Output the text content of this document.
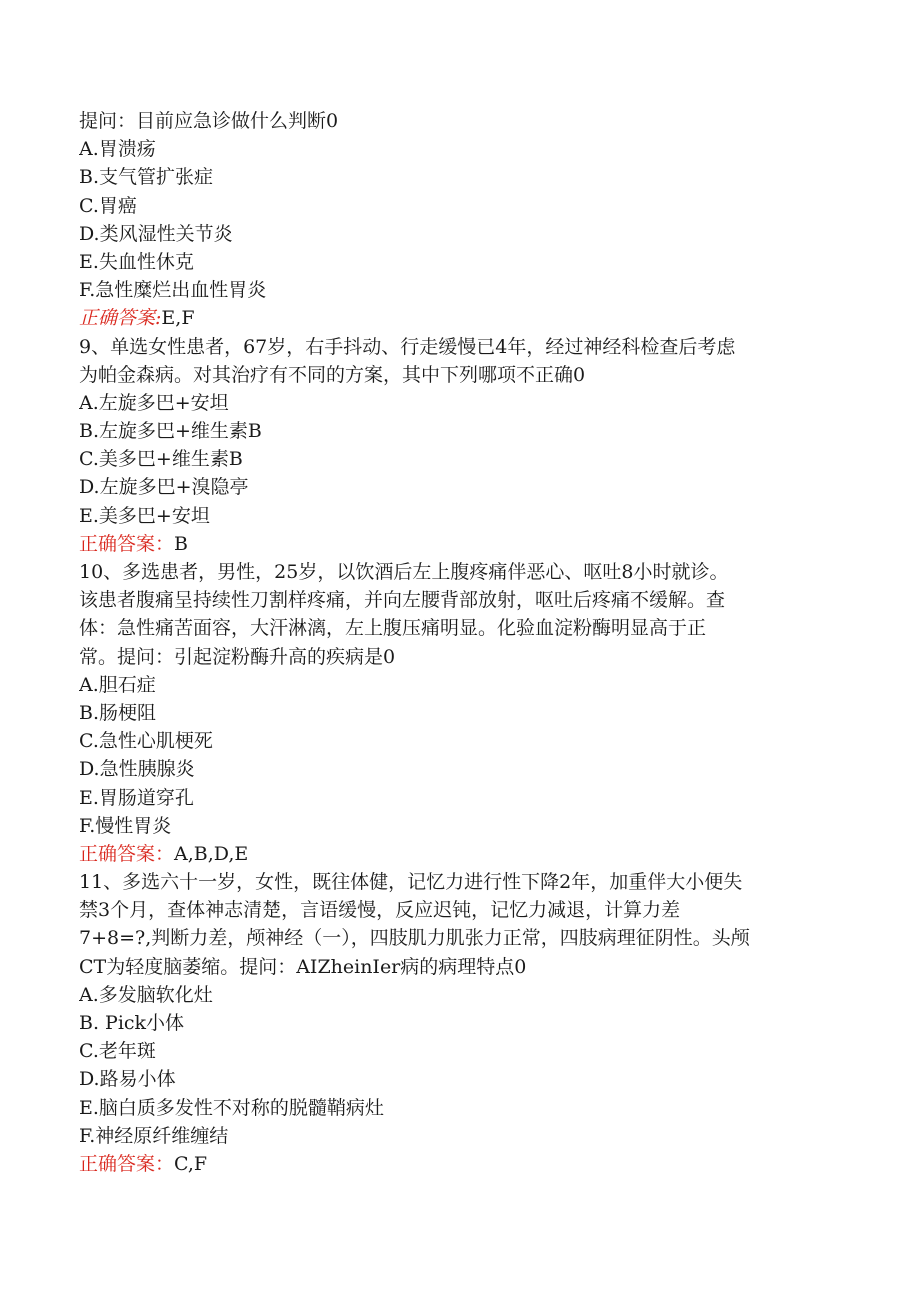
提问：目前应急诊做什么判断0
A.胃溃疡
B.支气管扩张症
C.胃癌
D.类风湿性关节炎
E.失血性休克
F.急性糜烂出血性胃炎
正确答案:E,F
9、单选女性患者，67岁，右手抖动、行走缓慢已4年，经过神经科检查后考虑
为帕金森病。对其治疗有不同的方案，其中下列哪项不正确0
A.左旋多巴+安坦
B.左旋多巴+维生素B
C.美多巴+维生素B
D.左旋多巴+溴隐亭
E.美多巴+安坦
正确答案：B
10、多选患者，男性，25岁，以饮酒后左上腹疼痛伴恶心、呕吐8小时就诊。
该患者腹痛呈持续性刀割样疼痛，并向左腰背部放射，呕吐后疼痛不缓解。查
体：急性痛苦面容，大汗淋漓，左上腹压痛明显。化验血淀粉酶明显高于正
常。提问：引起淀粉酶升高的疾病是0
A.胆石症
B.肠梗阻
C.急性心肌梗死
D.急性胰腺炎
E.胃肠道穿孔
F.慢性胃炎
正确答案：A,B,D,E
11、多选六十一岁，女性，既往体健，记忆力进行性下降2年，加重伴大小便失
禁3个月，查体神志清楚，言语缓慢，反应迟钝，记忆力减退，计算力差
7+8=?,判断力差，颅神经（一），四肢肌力肌张力正常，四肢病理征阴性。头颅
CT为轻度脑萎缩。提问：AIZheinIer病的病理特点0
A.多发脑软化灶
B. Pick小体
C.老年斑
D.路易小体
E.脑白质多发性不对称的脱髓鞘病灶
F.神经原纤维缠结
正确答案：C,F
